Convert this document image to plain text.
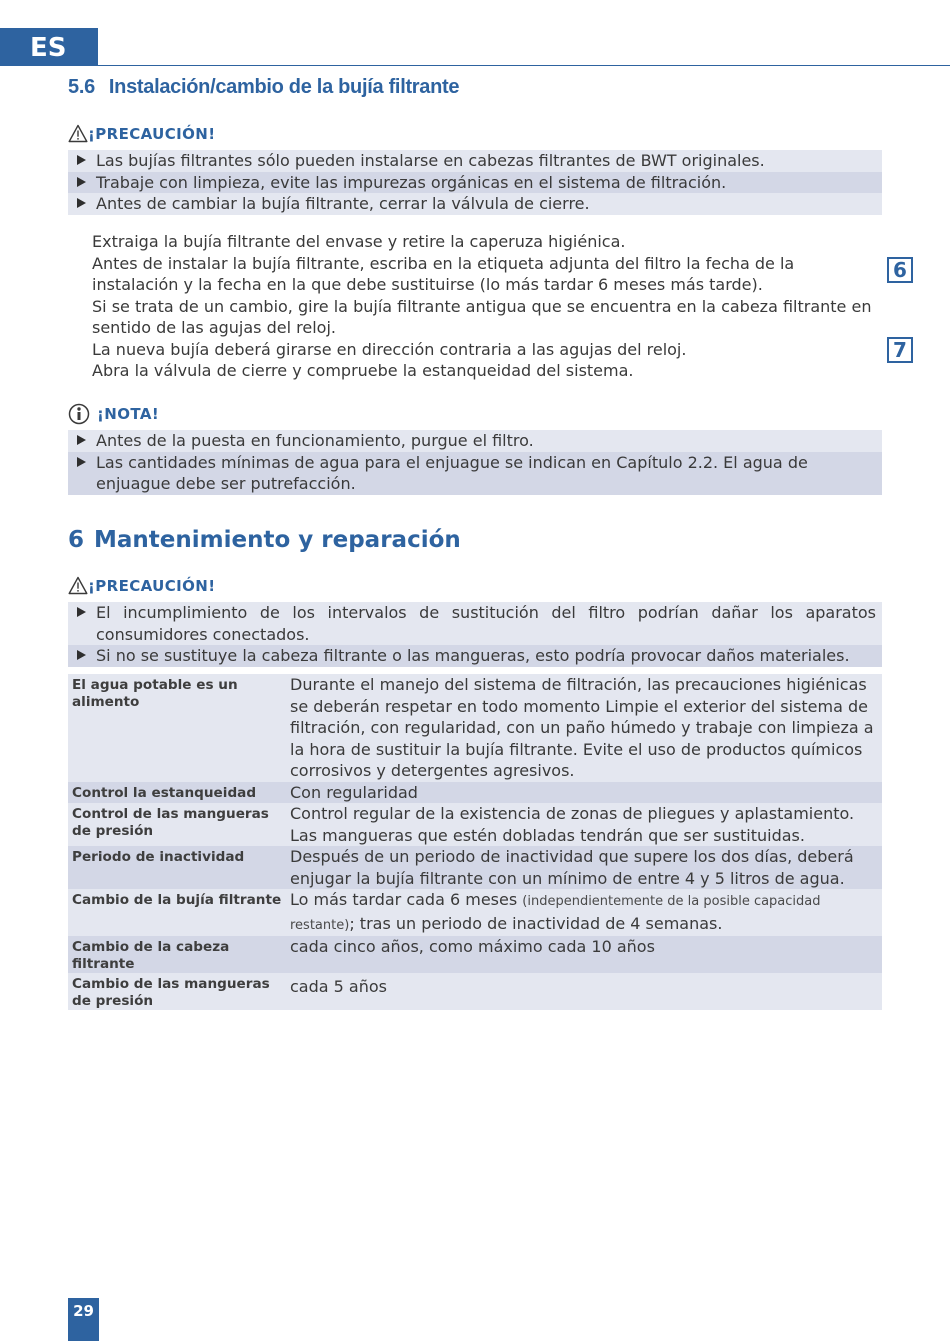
ES
5.6 Instalación/cambio de la bujía filtrante
¡PRECAUCIÓN!
Las bujías filtrantes sólo pueden instalarse en cabezas filtrantes de BWT originales.
Trabaje con limpieza, evite las impurezas orgánicas en el sistema de filtración.
Antes de cambiar la bujía filtrante, cerrar la válvula de cierre.

Extraiga la bujía filtrante del envase y retire la caperuza higiénica.

Antes de instalar la bujía filtrante, escriba en la etiqueta adjunta del filtro la fecha de la instalación y la fecha en la que debe sustituirse (lo más tardar 6 meses más tarde).

Si se trata de un cambio, gire la bujía filtrante antigua que se encuentra en la cabeza filtrante en sentido de las agujas del reloj.

La nueva bujía deberá girarse en dirección contraria a las agujas del reloj.

Abra la válvula de cierre y compruebe la estanqueidad del sistema.

6
7
¡NOTA!
Antes de la puesta en funcionamiento, purgue el filtro.
Las cantidades mínimas de agua para el enjuague se indican en Capítulo 2.2. El agua de enjuague debe ser putrefacción.
6 Mantenimiento y reparación
¡PRECAUCIÓN!
El incumplimiento de los intervalos de sustitución del filtro podrían dañar los aparatos consumidores conectados.
Si no se sustituye la cabeza filtrante o las mangueras, esto podría provocar daños materiales.
El agua potable es un alimento	Durante el manejo del sistema de filtración, las precauciones higiénicas se deberán respetar en todo momento Limpie el exterior del sistema de filtración, con regularidad, con un paño húmedo y trabaje con limpieza a la hora de sustituir la bujía filtrante. Evite el uso de productos químicos corrosivos y detergentes agresivos.
Control la estanqueidad	Con regularidad
Control de las mangueras de presión	Control regular de la existencia de zonas de pliegues y aplastamiento. Las mangueras que estén dobladas tendrán que ser sustituidas.
Periodo de inactividad	Después de un periodo de inactividad que supere los dos días, deberá enjugar la bujía filtrante con un mínimo de entre 4 y 5 litros de agua.
Cambio de la bujía filtrante	Lo más tardar cada 6 meses (independientemente de la posible capacidad restante); tras un periodo de inactividad de 4 semanas.
Cambio de la cabeza filtrante	cada cinco años, como máximo cada 10 años
Cambio de las mangueras de presión	cada 5 años
29
